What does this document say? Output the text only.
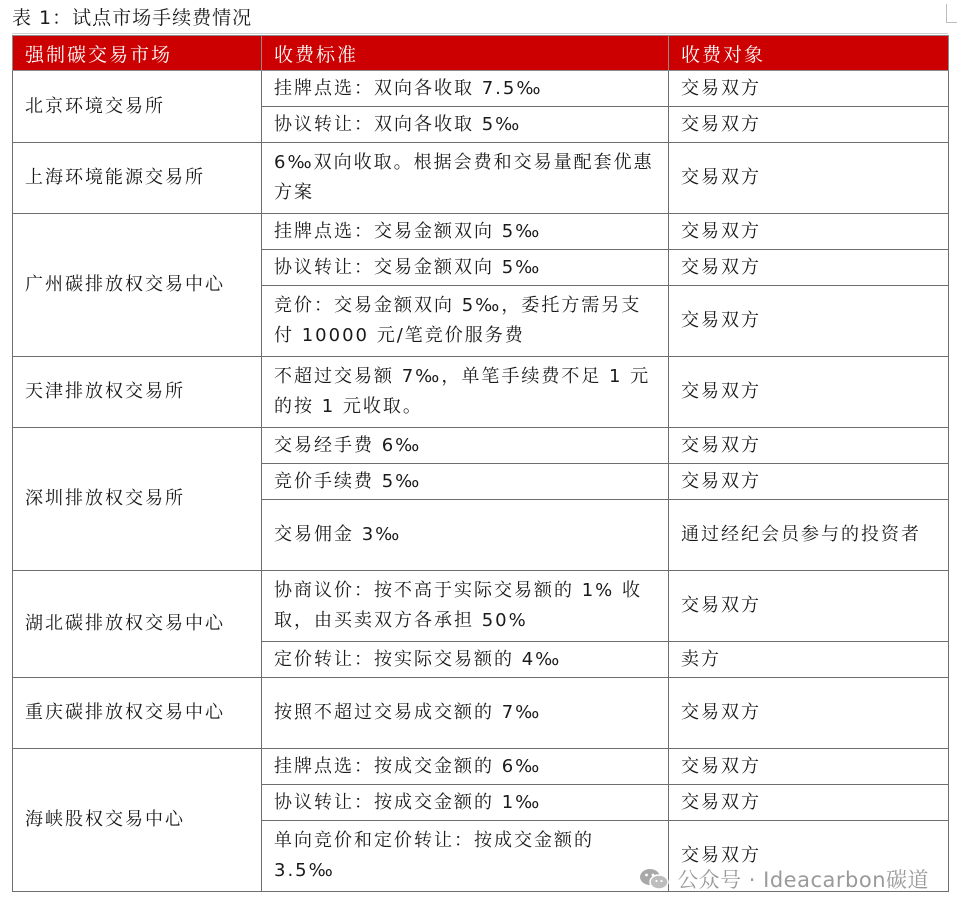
表 1：试点市场手续费情况
强制碳交易市场	收费标准	收费对象
北京环境交易所	挂牌点选：双向各收取 7.5‰	交易双方
	协议转让：双向各收取 5‰	交易双方
上海环境能源交易所	6‰双向收取。根据会费和交易量配套优惠方案	交易双方
广州碳排放权交易中心	挂牌点选：交易金额双向 5‰	交易双方
	协议转让：交易金额双向 5‰	交易双方
	竞价：交易金额双向 5‰，委托方需另支付 10000 元/笔竞价服务费	交易双方
天津排放权交易所	不超过交易额 7‰，单笔手续费不足 1 元的按 1 元收取。	交易双方
深圳排放权交易所	交易经手费 6‰	交易双方
	竞价手续费 5‰	交易双方
	交易佣金 3‰	通过经纪会员参与的投资者
湖北碳排放权交易中心	协商议价：按不高于实际交易额的 1% 收取，由买卖双方各承担 50%	交易双方
	定价转让：按实际交易额的 4‰	卖方
重庆碳排放权交易中心	按照不超过交易成交额的 7‰	交易双方
海峡股权交易中心	挂牌点选：按成交金额的 6‰	交易双方
	协议转让：按成交金额的 1‰	交易双方
	单向竞价和定价转让：按成交金额的 3.5‰	交易双方
公众号 · Ideacarbon碳道
